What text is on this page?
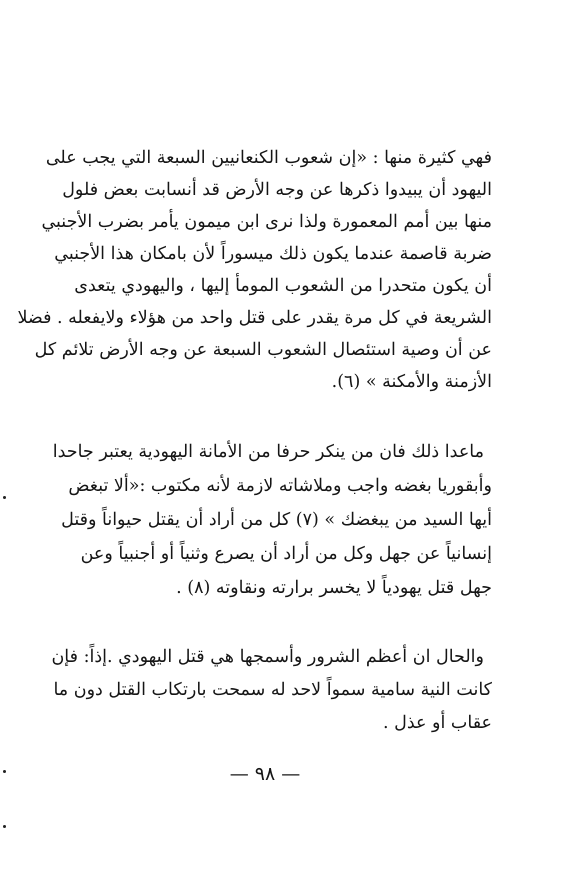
فهي كثيرة منها : «إن شعوب الكنعانيين السبعة التي يجب على
اليهود أن يبيدوا ذكرها عن وجه الأرض قد أنسابت بعض فلول
منها بين أمم المعمورة ولذا نرى ابن ميمون يأمر بضرب الأجنبي
ضربة قاصمة عندما يكون ذلك ميسوراً لأن بامكان هذا الأجنبي
أن يكون متحدرا من الشعوب المومأ إليها ، واليهودي يتعدى
الشريعة في كل مرة يقدر على قتل واحد من هؤلاء ولايفعله . فضلا
عن أن وصية استئصال الشعوب السبعة عن وجه الأرض تلائم كل
الأزمنة والأمكنة » (٦).
ماعدا ذلك فان من ينكر حرفا من الأمانة اليهودية يعتبر جاحدا
وأبقوريا بغضه واجب وملاشاته لازمة لأنه مكتوب :«ألا تبغض
أيها السيد من يبغضك » (٧) كل من أراد أن يقتل حيواناً وقتل
إنسانياً عن جهل وكل من أراد أن يصرع وثنياً أو أجنبياً وعن
جهل قتل يهودياً لا يخسر برارته ونقاوته (٨) .
والحال ان أعظم الشرور وأسمجها هي قتل اليهودي .إذاً: فإن
كانت النية سامية سمواً لاحد له سمحت بارتكاب القتل دون ما
عقاب أو عذل .
— ٩٨ —
